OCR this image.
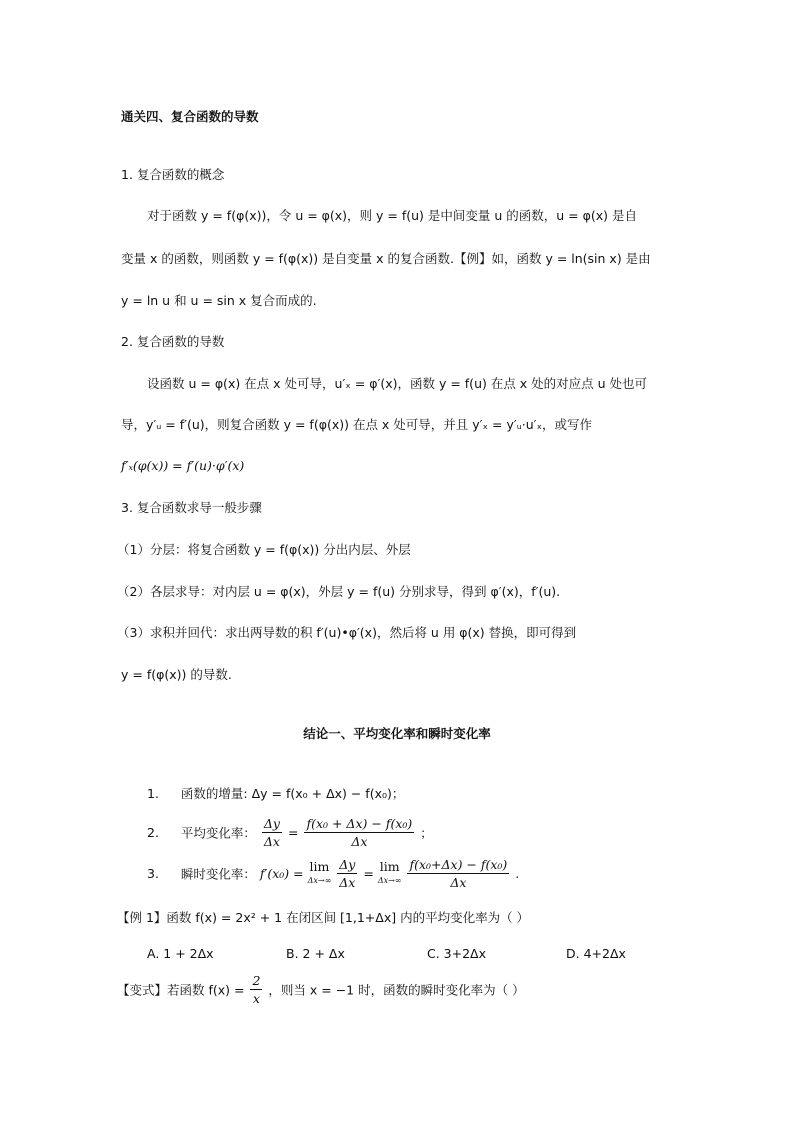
通关四、复合函数的导数
1. 复合函数的概念
对于函数 y = f(φ(x))，令 u = φ(x)，则 y = f(u) 是中间变量 u 的函数，u = φ(x) 是自
变量 x 的函数，则函数 y = f(φ(x)) 是自变量 x 的复合函数.【例】如，函数 y = ln(sin x) 是由
y = ln u 和 u = sin x 复合而成的.
2. 复合函数的导数
设函数 u = φ(x) 在点 x 处可导，u′ₓ = φ′(x)，函数 y = f(u) 在点 x 处的对应点 u 处也可
导，y′ᵤ = f′(u)，则复合函数 y = f(φ(x)) 在点 x 处可导，并且 y′ₓ = y′ᵤ·u′ₓ，或写作
f′ₓ(φ(x)) = f′(u)·φ′(x)
3. 复合函数求导一般步骤
（1）分层：将复合函数 y = f(φ(x)) 分出内层、外层
（2）各层求导：对内层 u = φ(x)，外层 y = f(u) 分别求导，得到 φ′(x)，f′(u).
（3）求积并回代：求出两导数的积 f′(u)•φ′(x)，然后将 u 用 φ(x) 替换，即可得到
y = f(φ(x)) 的导数.
结论一、平均变化率和瞬时变化率
1. 函数的增量: Δy = f(x₀ + Δx) − f(x₀)；
2. 平均变化率： $\frac{\Delta y}{\Delta x} = \frac{\text{f(x₀ + Δx) − f(x₀)}}{\Delta x}$ ；
3. 瞬时变化率： f′(x₀) = lim
Δx→∞
$\frac{\Delta y}{\Delta x} = \lim$
Δx→∞
$\frac{\text{f(x₀+Δx) − f(x₀)}}{\Delta x}$ .
【例 1】函数 f(x) = 2x² + 1 在闭区间 [1,1+Δx] 内的平均变化率为（ ）
A. 1 + 2Δx	B. 2 + Δx	C. 3+2Δx	D. 4+2Δx
【变式】若函数 $f(x) = \frac{2}{x}$ ，则当 x = −1 时，函数的瞬时变化率为（ ）
